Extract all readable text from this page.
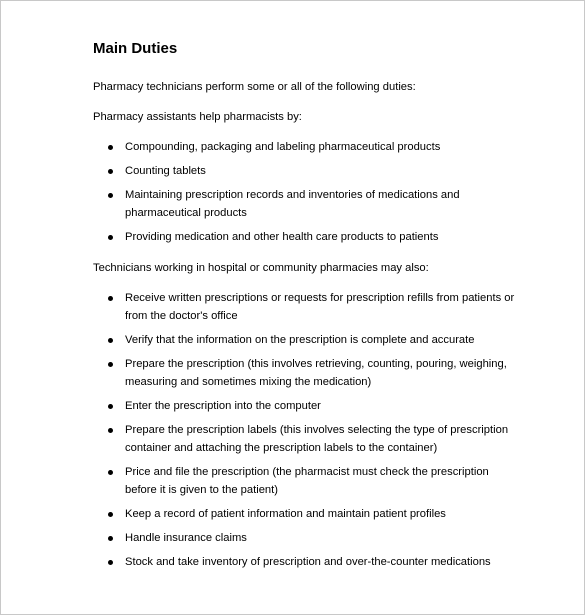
Main Duties
Pharmacy technicians perform some or all of the following duties:
Pharmacy assistants help pharmacists by:
Compounding, packaging and labeling pharmaceutical products
Counting tablets
Maintaining prescription records and inventories of medications and pharmaceutical products
Providing medication and other health care products to patients
Technicians working in hospital or community pharmacies may also:
Receive written prescriptions or requests for prescription refills from patients or from the doctor's office
Verify that the information on the prescription is complete and accurate
Prepare the prescription (this involves retrieving, counting, pouring, weighing, measuring and sometimes mixing the medication)
Enter the prescription into the computer
Prepare the prescription labels (this involves selecting the type of prescription container and attaching the prescription labels to the container)
Price and file the prescription (the pharmacist must check the prescription before it is given to the patient)
Keep a record of patient information and maintain patient profiles
Handle insurance claims
Stock and take inventory of prescription and over-the-counter medications
